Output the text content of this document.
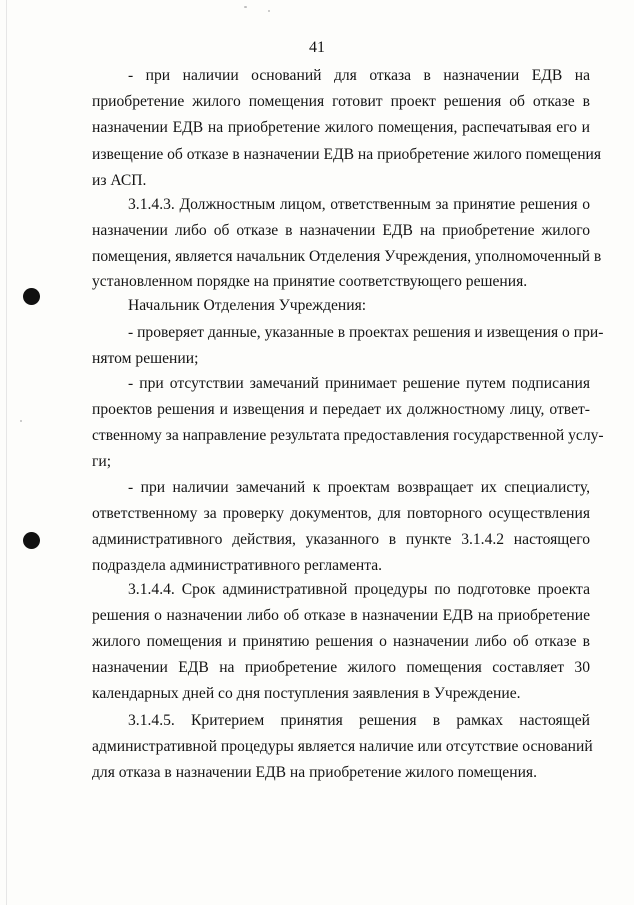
41
- при наличии оснований для отказа в назначении ЕДВ на
приобретение жилого помещения готовит проект решения об отказе в
назначении ЕДВ на приобретение жилого помещения, распечатывая его и
извещение об отказе в назначении ЕДВ на приобретение жилого помещения
из АСП.
3.1.4.3. Должностным лицом, ответственным за принятие решения о
назначении либо об отказе в назначении ЕДВ на приобретение жилого
помещения, является начальник Отделения Учреждения, уполномоченный в
установленном порядке на принятие соответствующего решения.
Начальник Отделения Учреждения:
- проверяет данные, указанные в проектах решения и извещения о при-
нятом решении;
- при отсутствии замечаний принимает решение путем подписания
проектов решения и извещения и передает их должностному лицу, ответ-
ственному за направление результата предоставления государственной услу-
ги;
- при наличии замечаний к проектам возвращает их специалисту,
ответственному за проверку документов, для повторного осуществления
административного действия, указанного в пункте 3.1.4.2 настоящего
подраздела административного регламента.
3.1.4.4. Срок административной процедуры по подготовке проекта
решения о назначении либо об отказе в назначении ЕДВ на приобретение
жилого помещения и принятию решения о назначении либо об отказе в
назначении ЕДВ на приобретение жилого помещения составляет 30
календарных дней со дня поступления заявления в Учреждение.
3.1.4.5. Критерием принятия решения в рамках настоящей
административной процедуры является наличие или отсутствие оснований
для отказа в назначении ЕДВ на приобретение жилого помещения.
